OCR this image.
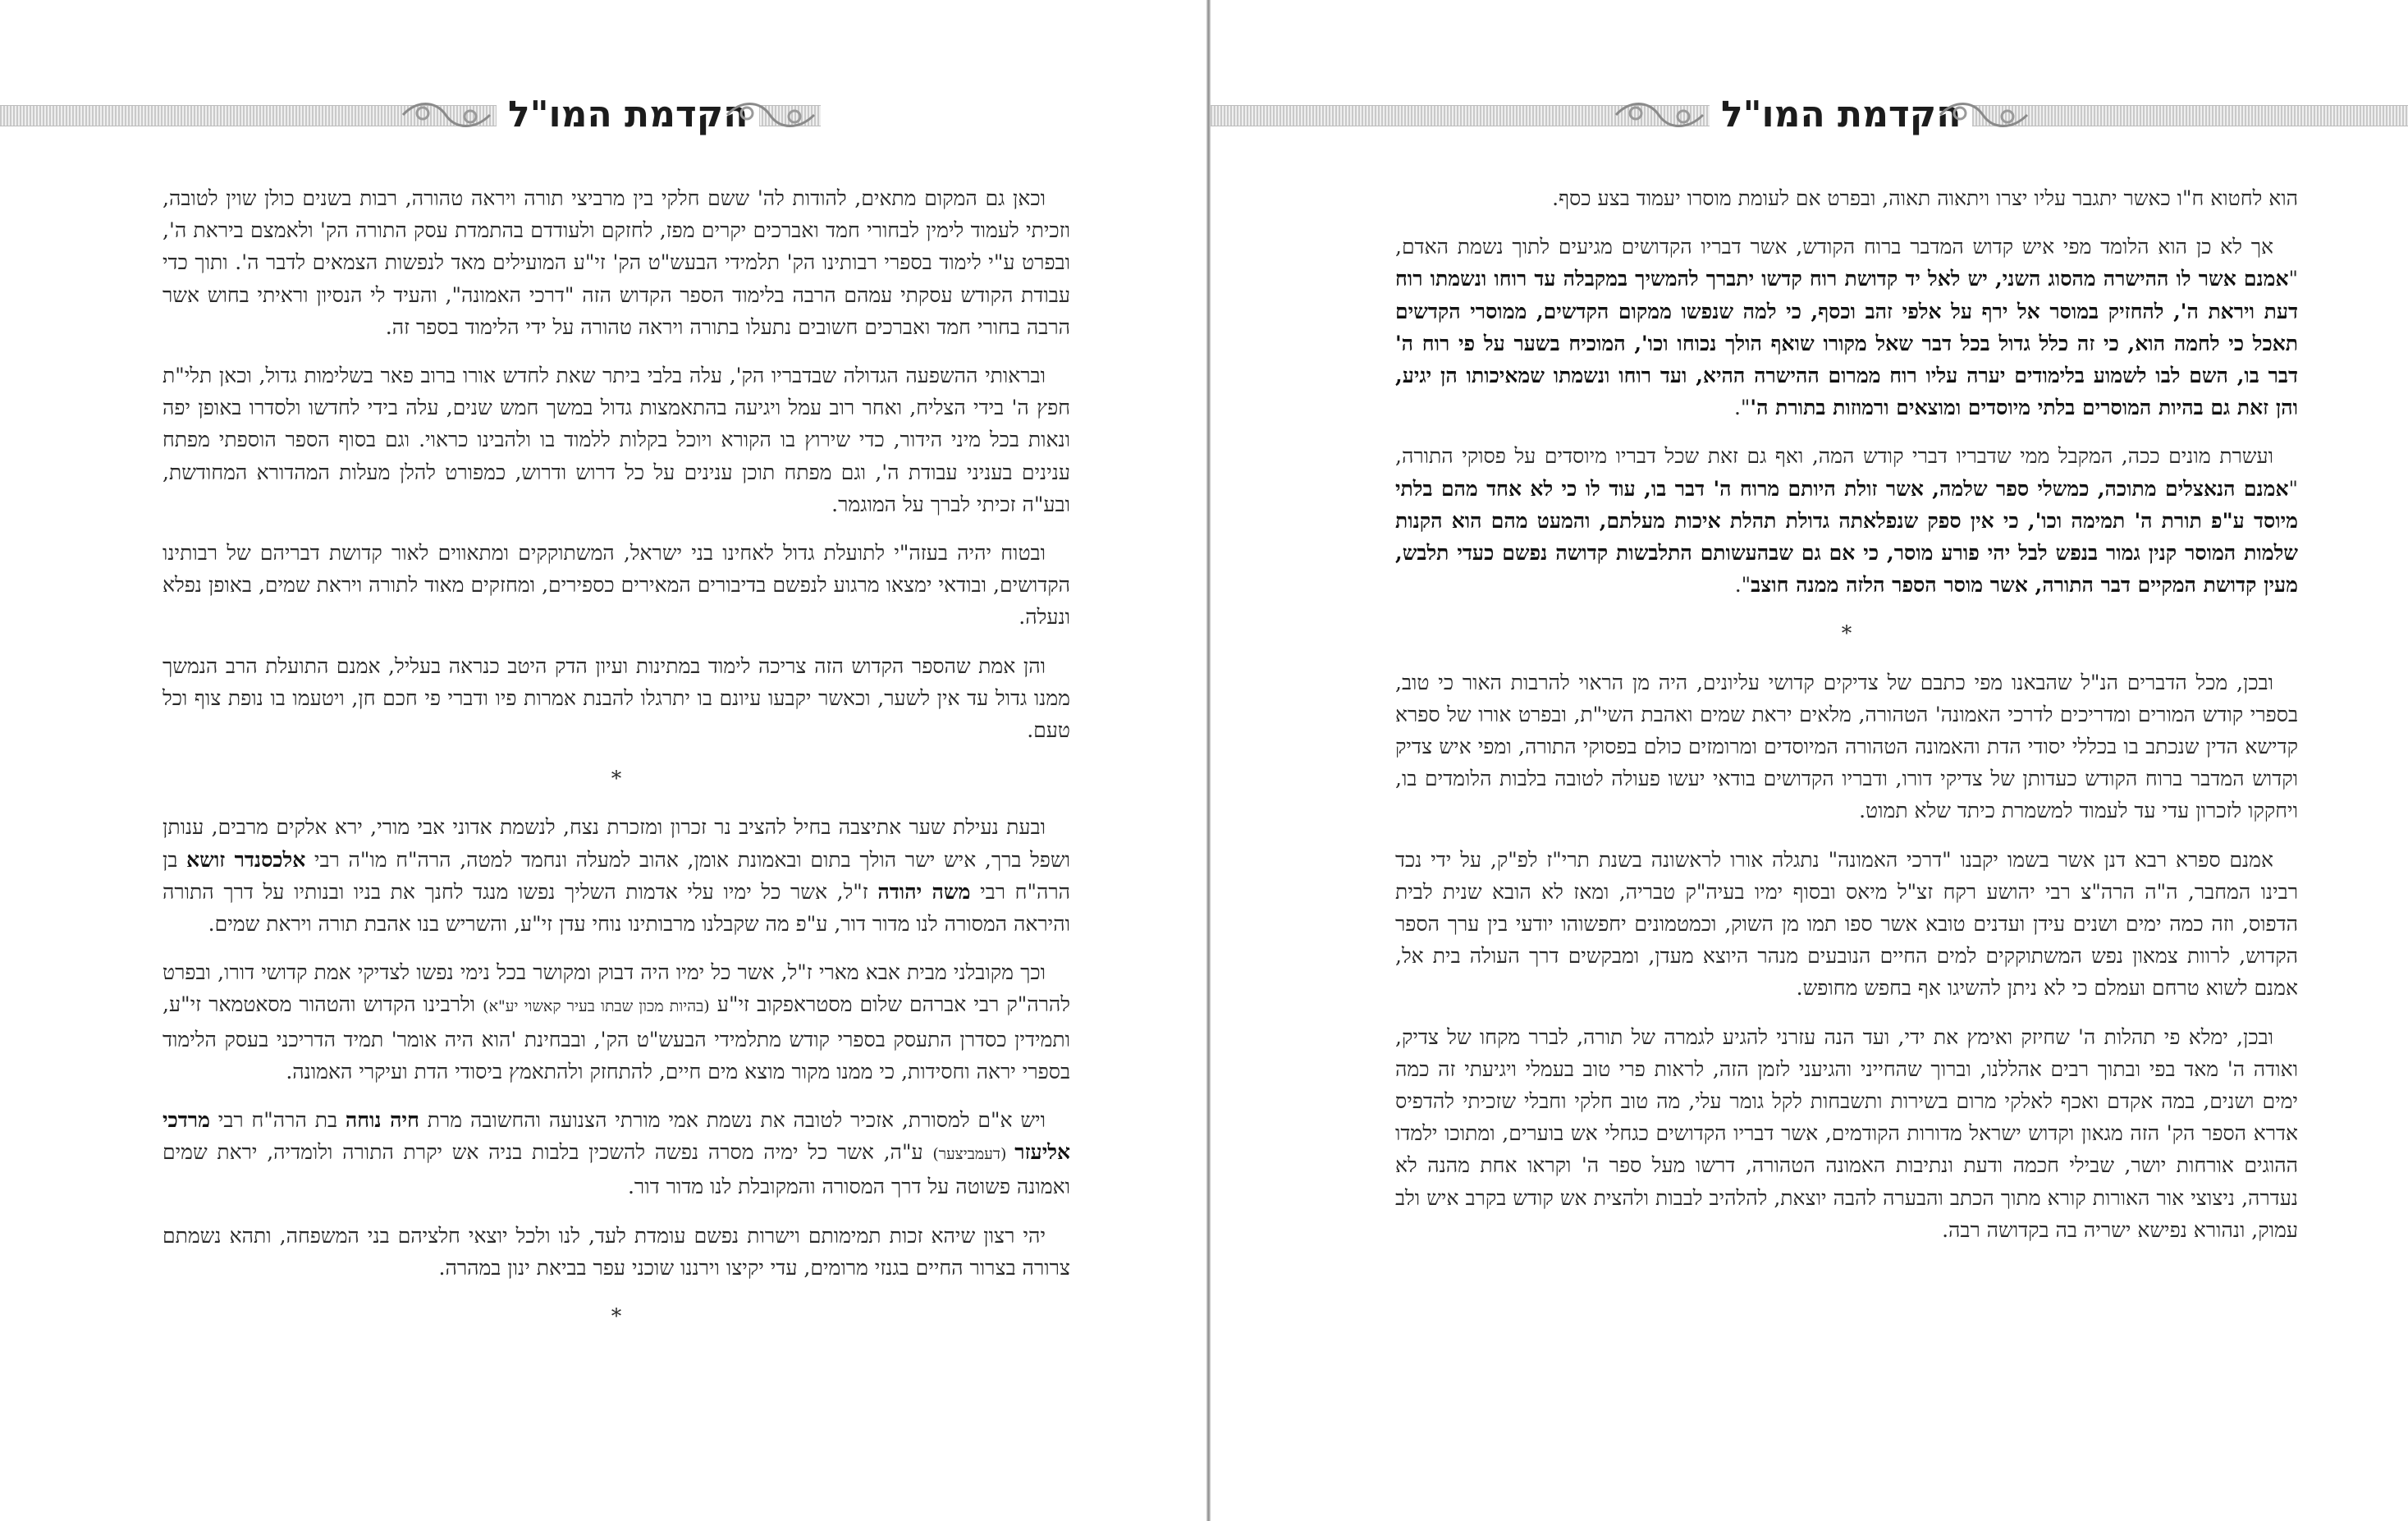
הקדמת המו"ל

וכאן גם המקום מתאים, להודות לה' ששם חלקי בין מרביצי תורה ויראה טהורה, רבות בשנים כולן שוין לטובה, וזכיתי לעמוד לימין לבחורי חמד ואברכים יקרים מפז, לחזקם ולעודדם בהתמדת עסק התורה הק' ולאמצם ביראת ה', ובפרט ע"י לימוד בספרי רבותינו הק' תלמידי הבעש"ט הק' זי"ע המועילים מאד לנפשות הצמאים לדבר ה'. ותוך כדי עבודת הקודש עסקתי עמהם הרבה בלימוד הספר הקדוש הזה "דרכי האמונה", והעיד לי הנסיון וראיתי בחוש אשר הרבה בחורי חמד ואברכים חשובים נתעלו בתורה ויראה טהורה על ידי הלימוד בספר זה.

ובראותי ההשפעה הגדולה שבדבריו הק', עלה בלבי ביתר שאת לחדש אורו ברוב פאר בשלימות גדול, וכאן תלי"ת חפץ ה' בידי הצליח, ואחר רוב עמל ויגיעה בהתאמצות גדול במשך חמש שנים, עלה בידי לחדשו ולסדרו באופן יפה ונאות בכל מיני הידור, כדי שירוץ בו הקורא ויוכל בקלות ללמוד בו ולהבינו כראוי. וגם בסוף הספר הוספתי מפתח ענינים בעניני עבודת ה', וגם מפתח תוכן ענינים על כל דרוש ודרוש, כמפורט להלן מעלות המהדורא המחודשת, ובע"ה זכיתי לברך על המוגמר.

ובטוח יהיה בעזה"י לתועלת גדול לאחינו בני ישראל, המשתוקקים ומתאווים לאור קדושת דבריהם של רבותינו הקדושים, ובודאי ימצאו מרגוע לנפשם בדיבורים המאירים כספירים, ומחזקים מאוד לתורה ויראת שמים, באופן נפלא ונעלה.

והן אמת שהספר הקדוש הזה צריכה לימוד במתינות ועיון הדק היטב כנראה בעליל, אמנם התועלת הרב הנמשך ממנו גדול עד אין לשער, וכאשר יקבעו עיונם בו יתרגלו להבנת אמרות פיו ודברי פי חכם חן, ויטעמו בו נופת צוף וכל טעם.

*

ובעת נעילת שער אתיצבה בחיל להציב נר זכרון ומזכרת נצח, לנשמת אדוני אבי מורי, ירא אלקים מרבים, ענותן ושפל ברך, איש ישר הולך בתום ובאמונת אומן, אהוב למעלה ונחמד למטה, הרה"ח מו"ה רבי אלכסנדר זושא בן הרה"ח רבי משה יהודה ז"ל, אשר כל ימיו עלי אדמות השליך נפשו מנגד לחנך את בניו ובנותיו על דרך התורה והיראה המסורה לנו מדור דור, ע"פ מה שקבלנו מרבותינו נוחי עדן זי"ע, והשריש בנו אהבת תורה ויראת שמים.

וכך מקובלני מבית אבא מארי ז"ל, אשר כל ימיו היה דבוק ומקושר בכל נימי נפשו לצדיקי אמת קדושי דורו, ובפרט להרה"ק רבי אברהם שלום מסטראפקוב זי"ע (בהיות מכון שבתו בעיר קאשוי יע"א) ולרבינו הקדוש והטהור מסאטמאר זי"ע, ותמידין כסדרן התעסק בספרי קודש מתלמידי הבעש"ט הק', ובבחינת 'הוא היה אומר' תמיד הדריכני בעסק הלימוד בספרי יראה וחסידות, כי ממנו מקור מוצא מים חיים, להתחזק ולהתאמץ ביסודי הדת ועיקרי האמונה.

ויש א"ם למסורת, אזכיר לטובה את נשמת אמי מורתי הצנועה והחשובה מרת חיה נוחה בת הרה"ח רבי מרדכי אליעזר (דעמביצער) ע"ה, אשר כל ימיה מסרה נפשה להשכין בלבות בניה אש יקרת התורה ולומדיה, יראת שמים ואמונה פשוטה על דרך המסורה והמקובלת לנו מדור דור.

יהי רצון שיהא זכות תמימותם וישרות נפשם עומדת לעד, לנו ולכל יוצאי חלציהם בני המשפחה, ותהא נשמתם צרורה בצרור החיים בגנזי מרומים, עדי יקיצו וירננו שוכני עפר בביאת ינון במהרה.

*

הקדמת המו"ל

הוא לחטוא ח"ו כאשר יתגבר עליו יצרו ויתאוה תאוה, ובפרט אם לעומת מוסרו יעמוד בצע כסף.

אך לא כן הוא הלומד מפי איש קדוש המדבר ברוח הקודש, אשר דבריו הקדושים מגיעים לתוך נשמת האדם, "אמנם אשר לו ההישרה מהסוג השני, יש לאל יד קדושת רוח קדשו יתברך להמשיך במקבלה עד רוחו ונשמתו רוח דעת ויראת ה', להחזיק במוסר אל ירף על אלפי זהב וכסף, כי למה שנפשו ממקום הקדשים, ממוסרי הקדשים תאכל כי לחמה הוא, כי זה כלל גדול בכל דבר שאל מקורו שואף הולך נכוחו וכו', המוכיח בשער על פי רוח ה' דבר בו, השם לבו לשמוע בלימודים יערה עליו רוח ממרום ההישרה ההיא, ועד רוחו ונשמתו שמאיכותו הן יגיע, והן זאת גם בהיות המוסרים בלתי מיוסדים ומוצאים ורמוזות בתורת ה'".

ועשרת מונים ככה, המקבל ממי שדבריו דברי קודש המה, ואף גם זאת שכל דבריו מיוסדים על פסוקי התורה, "אמנם הנאצלים מתוכה, כמשלי ספר שלמה, אשר זולת היותם מרוח ה' דבר בו, עוד לו כי לא אחד מהם בלתי מיוסד ע"פ תורת ה' תמימה וכו', כי אין ספק שנפלאתה גדולת תהלת איכות מעלתם, והמעט מהם הוא הקנות שלמות המוסר קנין גמור בנפש לבל יהי פורע מוסר, כי אם גם שבהעשותם התלבשות קדושה נפשם כעדי תלבש, מעין קדושת המקיים דבר התורה, אשר מוסר הספר הלזה ממנה חוצב".

*

ובכן, מכל הדברים הנ"ל שהבאנו מפי כתבם של צדיקים קדושי עליונים, היה מן הראוי להרבות האור כי טוב, בספרי קודש המורים ומדריכים לדרכי האמונה' הטהורה, מלאים יראת שמים ואהבת השי"ת, ובפרט אורו של ספרא קדישא הדין שנכתב בו בכללי יסודי הדת והאמונה הטהורה המיוסדים ומרומזים כולם בפסוקי התורה, ומפי איש צדיק וקדוש המדבר ברוח הקודש כעדותן של צדיקי דורו, ודבריו הקדושים בודאי יעשו פעולה לטובה בלבות הלומדים בו, ויחקקו לזכרון עדי עד לעמוד למשמרת כיתד שלא תמוט.

אמנם ספרא רבא דנן אשר בשמו יקבנו "דרכי האמונה" נתגלה אורו לראשונה בשנת תרי"ז לפ"ק, על ידי נכד רבינו המחבר, ה"ה הרה"צ רבי יהושע רקח זצ"ל מיאס ובסוף ימיו בעיה"ק טבריה, ומאז לא הובא שנית לבית הדפוס, וזה כמה ימים ושנים עידן ועדנים טובא אשר ספו תמו מן השוק, וכמטמונים יחפשוהו יודעי בין ערך הספר הקדוש, לרוות צמאון נפש המשתוקקים למים החיים הנובעים מנהר היוצא מעדן, ומבקשים דרך העולה בית אל, אמנם לשוא טרחם ועמלם כי לא ניתן להשיגו אף בחפש מחופש.

ובכן, ימלא פי תהלות ה' שחיזק ואימץ את ידי, ועד הנה עזרני להגיע לגמרה של תורה, לברר מקחו של צדיק, ואודה ה' מאד בפי ובתוך רבים אהללנו, וברוך שהחייני והגיעני לזמן הזה, לראות פרי טוב בעמלי ויגיעתי זה כמה ימים ושנים, במה אקדם ואכף לאלקי מרום בשירות ותשבחות לקל גומר עלי, מה טוב חלקי וחבלי שזכיתי להדפיס אדרא הספר הק' הזה מגאון וקדוש ישראל מדורות הקודמים, אשר דבריו הקדושים כגחלי אש בוערים, ומתוכו ילמדו ההוגים אורחות יושר, שבילי חכמה ודעת ונתיבות האמונה הטהורה, דרשו מעל ספר ה' וקראו אחת מהנה לא נעדרה, ניצוצי אור האורות קורא מתוך הכתב והבערה להבה יוצאת, להלהיב לבבות ולהצית אש קודש בקרב איש ולב עמוק, ונהורא נפישא ישריה בה בקדושה רבה.
